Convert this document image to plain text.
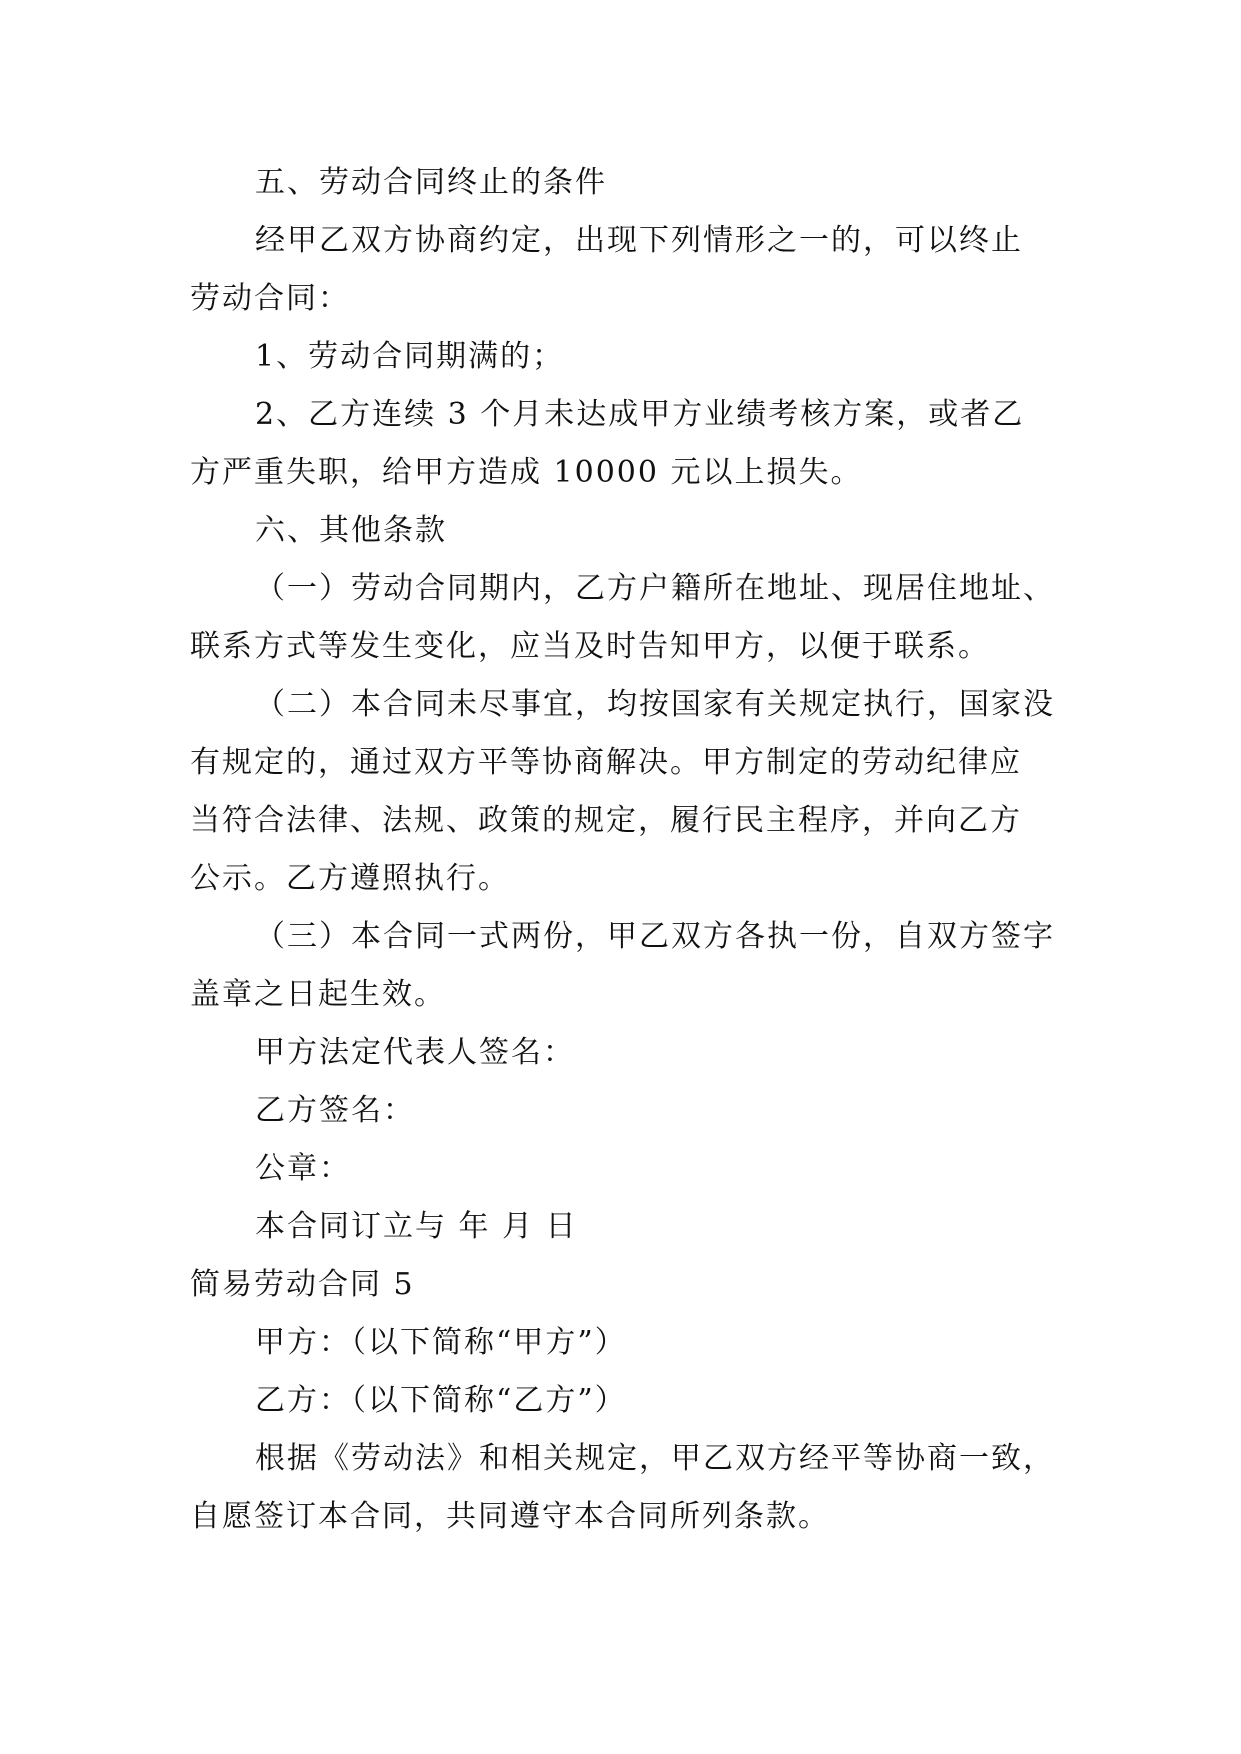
五、劳动合同终止的条件
经甲乙双方协商约定，出现下列情形之一的，可以终止
劳动合同：
1、劳动合同期满的；
2、乙方连续 3 个月未达成甲方业绩考核方案，或者乙
方严重失职，给甲方造成 10000 元以上损失。
六、其他条款
（一）劳动合同期内，乙方户籍所在地址、现居住地址、
联系方式等发生变化，应当及时告知甲方，以便于联系。
（二）本合同未尽事宜，均按国家有关规定执行，国家没
有规定的，通过双方平等协商解决。甲方制定的劳动纪律应
当符合法律、法规、政策的规定，履行民主程序，并向乙方
公示。乙方遵照执行。
（三）本合同一式两份，甲乙双方各执一份，自双方签字
盖章之日起生效。
甲方法定代表人签名：
乙方签名：
公章：
本合同订立与 年 月 日
简易劳动合同 5
甲方：（以下简称“甲方”）
乙方：（以下简称“乙方”）
根据《劳动法》和相关规定，甲乙双方经平等协商一致，
自愿签订本合同，共同遵守本合同所列条款。
